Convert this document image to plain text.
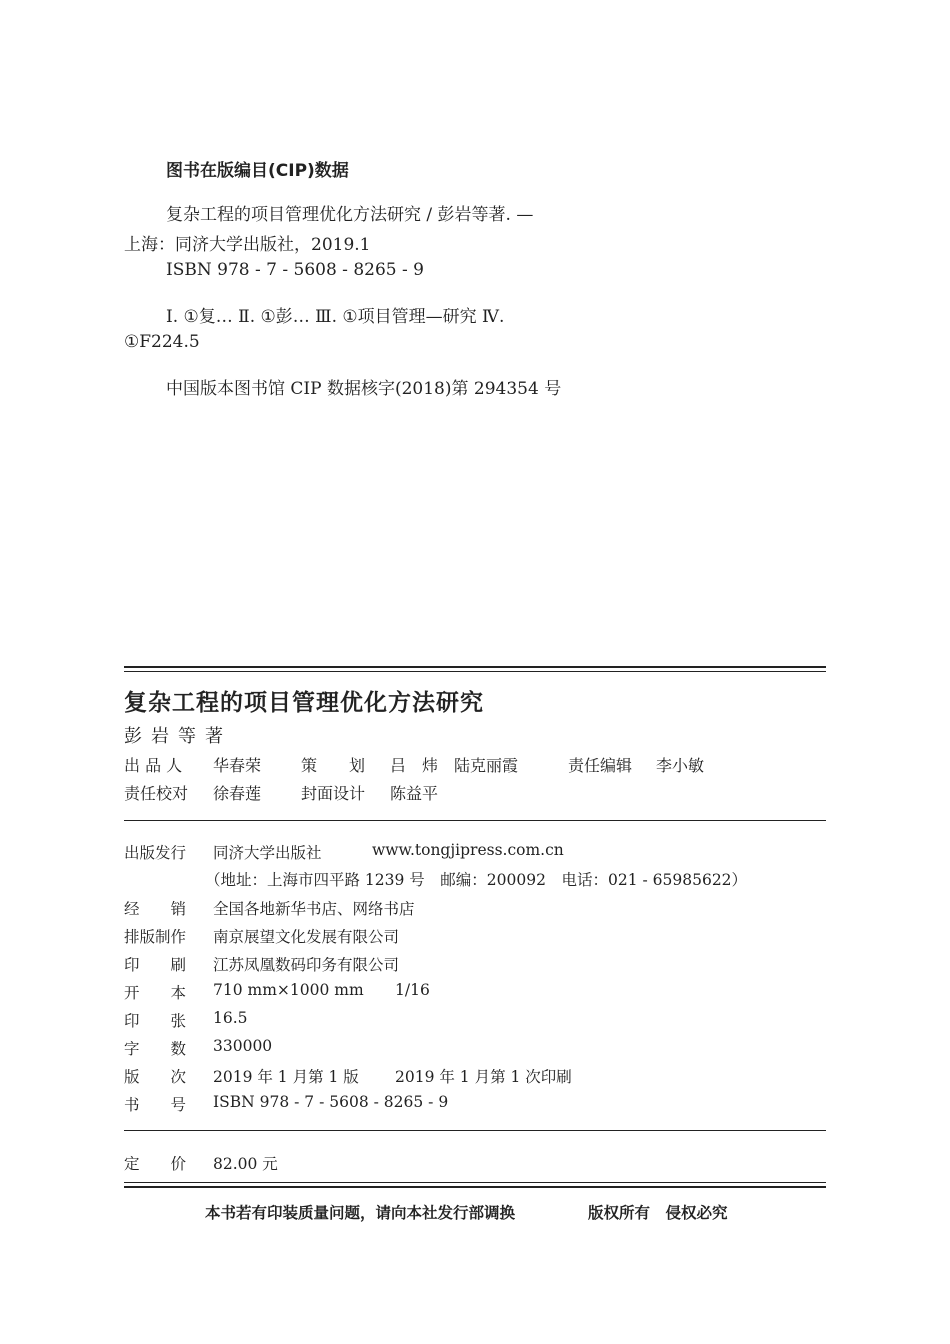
图书在版编目(CIP)数据
复杂工程的项目管理优化方法研究 / 彭岩等著. —
上海：同济大学出版社，2019.1
ISBN 978 - 7 - 5608 - 8265 - 9
Ⅰ. ①复… Ⅱ. ①彭… Ⅲ. ①项目管理—研究 Ⅳ.
①F224.5
中国版本图书馆 CIP 数据核字(2018)第 294354 号
复杂工程的项目管理优化方法研究
彭岩等著
出 品 人 华春荣 策　　划 吕　炜　陆克丽霞	责任编辑 李小敏
责任校对 徐春莲 封面设计 陈益平
出版发行 同济大学出版社	www.tongjipress.com.cn
（地址：上海市四平路 1239 号　邮编：200092　电话：021 - 65985622）
经　　销 全国各地新华书店、网络书店
排版制作 南京展望文化发展有限公司
印　　刷 江苏凤凰数码印务有限公司
开　　本 710 mm×1000 mm 1/16
印　　张 16.5
字　　数 330000
版　　次 2019 年 1 月第 1 版 2019 年 1 月第 1 次印刷
书　　号 ISBN 978 - 7 - 5608 - 8265 - 9
定　　价 82.00 元
本书若有印装质量问题，请向本社发行部调换	版权所有　侵权必究
